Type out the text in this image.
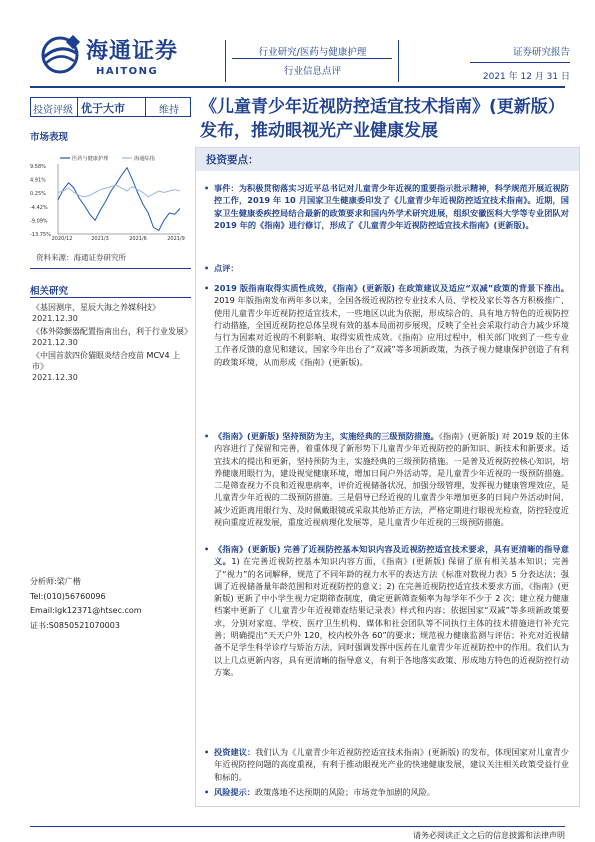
海通证券
HAITONG
行业研究/医药与健康护理
行业信息点评
证券研究报告
2021 年 12 月 31 日
投资评级 优于大市	维持
市场表现
医药与健康护理	海通综指
9.58%
4.91%
0.25%
-4.42%
-9.09%
-13.75%
2020/12	2021/3	2021/6	2021/9
资料来源：海通证券研究所
相关研究
《基因测序、星辰大海之养媒科技》
2021.12.30
《体外除颤器配置指南出台，利于行业发展》
2021.12.30
《中国首款四价猫眼炎结合疫苗 MCV4 上市》
2021.12.30
分析师:梁广楷
Tel:(010)56760096
Email:lgk12371@htsec.com
证书:S0850521070003
《儿童青少年近视防控适宜技术指南》(更新版）发布，推动眼视光产业健康发展
投资要点：
• 事件：为积极贯彻落实习近平总书记对儿童青少年近视的重要指示批示精神，科学规范开展近视防控工作，2019 年 10 月国家卫生健康委印发了《儿童青少年近视防控适宜技术指南》。近期，国家卫生健康委疾控局结合最新的政策要求和国内外学术研究进展，组织安徽医科大学等专业团队对 2019 年的《指南》进行修订，形成了《儿童青少年近视防控适宜技术指南》(更新版)。
• 点评：
• 2019 版指南取得实质性成效，《指南》(更新版) 在政策建议及适应“双减”政策的背景下推出。2019 年版指南发布两年多以来，全国各级近视防控专业技术人员、学校及家长等各方积极推广、使用儿童青少年近视防控适宜技术，一些地区以此为依据，形成综合的、具有地方特色的近视防控行动措施，全国近视防控总体呈现有效的基本局面初步展现，反映了全社会采取行动合力减少环境与行为因素对近视的不利影响、取得实质性成效。《指南》应用过程中，相关部门收到了一些专业工作者反馈的意见和建议，国家今年出台了“双减”等多项新政策，为孩子视力健康保护创造了有利的政策环境，从而形成《指南》(更新版)。
• 《指南》(更新版) 坚持预防为主，实施经典的三级预防措施。《指南》(更新版) 对 2019 版的主体内容进行了保留和完善，着重体现了新形势下儿童青少年近视防控的新知识、新技术和新要求。适宜技术的提出和更新，坚持预防为主，实施经典的三级预防措施。一是普及近视防控核心知识，培养健康用眼行为，建设视觉健康环境，增加日间户外活动等，是儿童青少年近视的一级预防措施。二是筛查视力不良和近视患病率，评价近视储备状况，加强分级管理，发挥视力健康管理效应，是儿童青少年近视的二级预防措施。三是倡导已经近视的儿童青少年增加更多的日间户外活动时间、减少近距离用眼行为、及时佩戴眼镜或采取其他矫正方法，严格定期进行眼视光检查，防控轻度近视向重度近视发展，重度近视病理化发展等，是儿童青少年近视的三级预防措施。
• 《指南》(更新版) 完善了近视防控基本知识内容及近视防控适宜技术要求，具有更清晰的指导意义。1) 在完善近视防控基本知识内容方面，《指南》(更新版) 保留了原有相关基本知识；完善了“视力”的名词解释，规范了不同年龄的视力水平的表达方法《标准对数视力表》5 分表达法；强调了近视储备量年龄范围和对近视防控的意义；2) 在完善近视防控适宜技术要求方面，《指南》(更新版) 更新了中小学生视力定期筛查制度，确定更新筛查频率为每学年不少于 2 次；建立视力健康档案中更新了《儿童青少年近视筛查结果记录表》样式和内容；依据国家“双减”等多项新政策要求，分别对家庭、学校、医疗卫生机构、媒体和社会团队等不同执行主体的技术措施进行补充完善；明确提出“天天户外 120，校内校外各 60”的要求；规范视力健康监测与评估；补充对近视储备不足学生科学诊疗与矫治方法，同时强调发挥中医药在儿童青少年近视防控中的作用。我们认为以上几点更新内容，具有更清晰的指导意义，有利于各地落实政策、形成地方特色的近视防控行动方案。
• 投资建议：我们认为《儿童青少年近视防控适宜技术指南》(更新版) 的发布，体现国家对儿童青少年近视防控问题的高度重视，有利于推动眼视光产业的快速健康发展，建议关注相关政策受益行业和标的。
• 风险提示：政策落地不达预期的风险；市场竞争加剧的风险。
请务必阅读正文之后的信息披露和法律声明
